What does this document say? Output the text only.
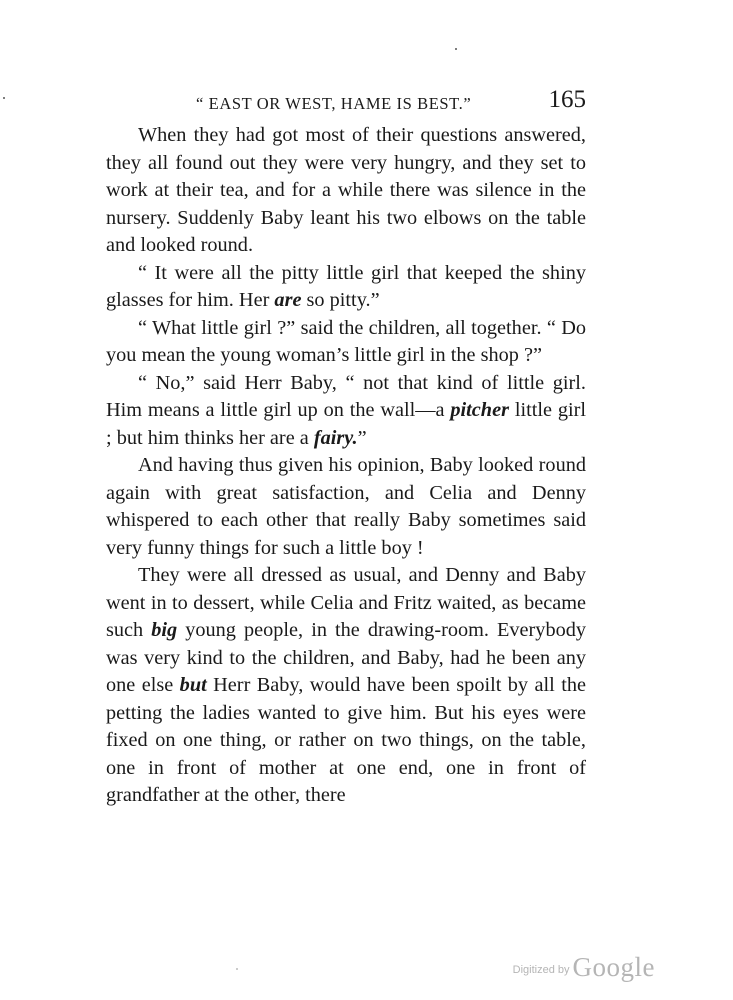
“ EAST OR WEST, HAME IS BEST.”	165

When they had got most of their questions answered, they all found out they were very hungry, and they set to work at their tea, and for a while there was silence in the nursery. Suddenly Baby leant his two elbows on the table and looked round.

“ It were all the pitty little girl that keeped the shiny glasses for him. Her are so pitty.”

“ What little girl ?” said the children, all together. “ Do you mean the young woman’s little girl in the shop ?”

“ No,” said Herr Baby, “ not that kind of little girl. Him means a little girl up on the wall—a pitcher little girl ; but him thinks her are a fairy.”

And having thus given his opinion, Baby looked round again with great satisfaction, and Celia and Denny whispered to each other that really Baby sometimes said very funny things for such a little boy !

They were all dressed as usual, and Denny and Baby went in to dessert, while Celia and Fritz waited, as became such big young people, in the drawing-room. Everybody was very kind to the children, and Baby, had he been any one else but Herr Baby, would have been spoilt by all the petting the ladies wanted to give him. But his eyes were fixed on one thing, or rather on two things, on the table, one in front of mother at one end, one in front of grandfather at the other, there

Digitized by Google
